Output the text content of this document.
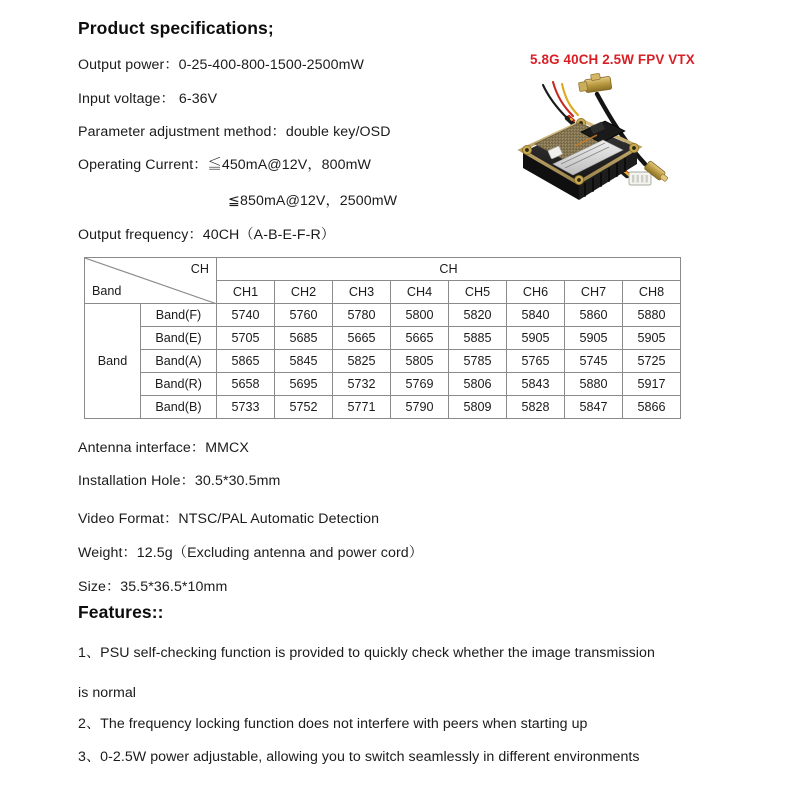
Product specifications;
Output power：0-25-400-800-1500-2500mW
Input voltage： 6-36V
Parameter adjustment method：double key/OSD
Operating Current：≦450mA@12V，800mW
≦850mA@12V，2500mW
Output frequency：40CH（A-B-E-F-R）
5.8G 40CH 2.5W FPV VTX
CH
Band		CH							
		CH1	CH2	CH3	CH4	CH5	CH6	CH7	CH8
Band	Band(F)	5740	5760	5780	5800	5820	5840	5860	5880
	Band(E)	5705	5685	5665	5665	5885	5905	5905	5905
	Band(A)	5865	5845	5825	5805	5785	5765	5745	5725
	Band(R)	5658	5695	5732	5769	5806	5843	5880	5917
	Band(B)	5733	5752	5771	5790	5809	5828	5847	5866
Antenna interface：MMCX
Installation Hole：30.5*30.5mm
Video Format：NTSC/PAL Automatic Detection
Weight：12.5g（Excluding antenna and power cord）
Size：35.5*36.5*10mm
Features::
1、PSU self-checking function is provided to quickly check whether the image transmission
is normal
2、The frequency locking function does not interfere with peers when starting up
3、0-2.5W power adjustable, allowing you to switch seamlessly in different environments
